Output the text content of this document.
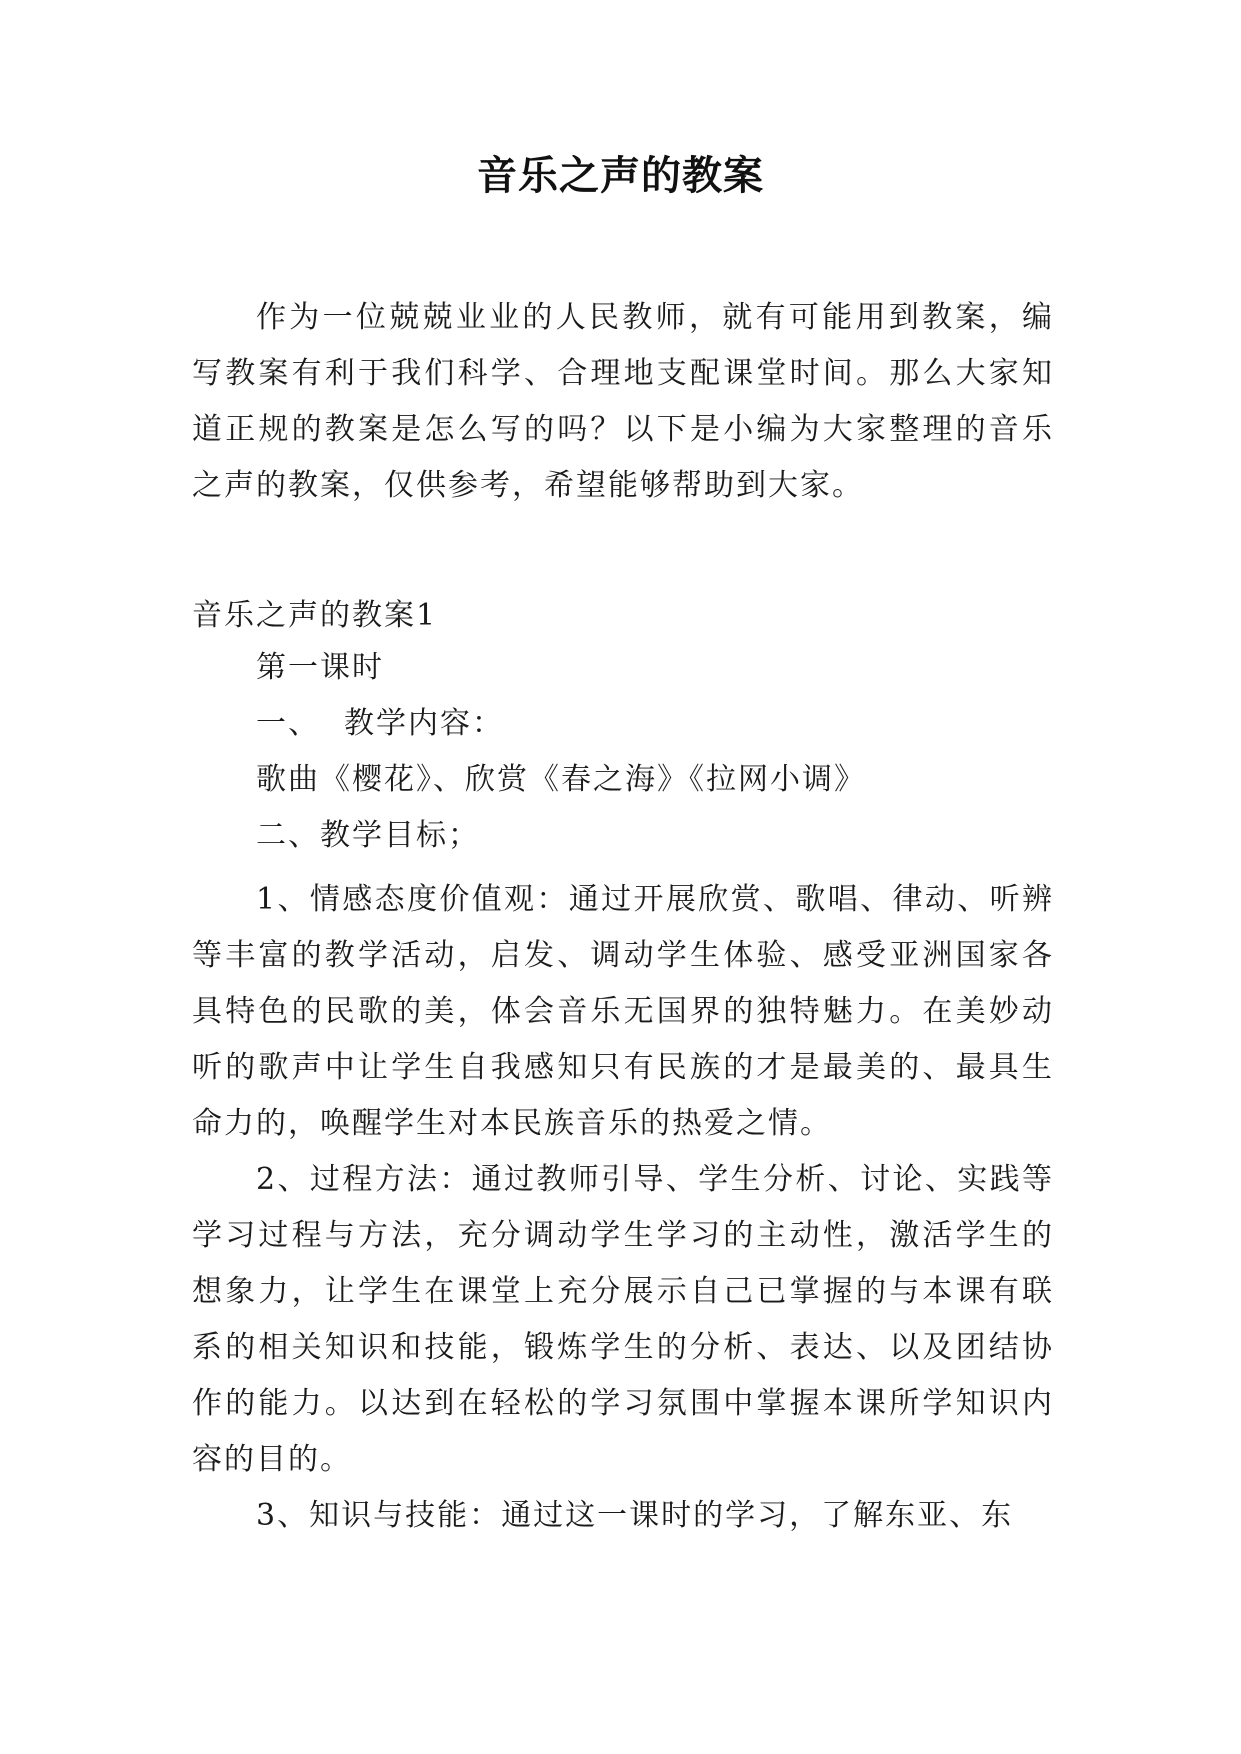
音乐之声的教案
作为一位兢兢业业的人民教师，就有可能用到教案，编写教案有利于我们科学、合理地支配课堂时间。那么大家知道正规的教案是怎么写的吗？以下是小编为大家整理的音乐之声的教案，仅供参考，希望能够帮助到大家。
音乐之声的教案1

第一课时

一、 教学内容：

歌曲《樱花》、欣赏《春之海》《拉网小调》

二、教学目标；

1、情感态度价值观：通过开展欣赏、歌唱、律动、听辨等丰富的教学活动，启发、调动学生体验、感受亚洲国家各具特色的民歌的美，体会音乐无国界的独特魅力。在美妙动听的歌声中让学生自我感知只有民族的才是最美的、最具生命力的，唤醒学生对本民族音乐的热爱之情。
2、过程方法：通过教师引导、学生分析、讨论、实践等学习过程与方法，充分调动学生学习的主动性，激活学生的想象力，让学生在课堂上充分展示自己已掌握的与本课有联系的相关知识和技能，锻炼学生的分析、表达、以及团结协作的能力。以达到在轻松的学习氛围中掌握本课所学知识内容的目的。
3、知识与技能：通过这一课时的学习，了解东亚、东
